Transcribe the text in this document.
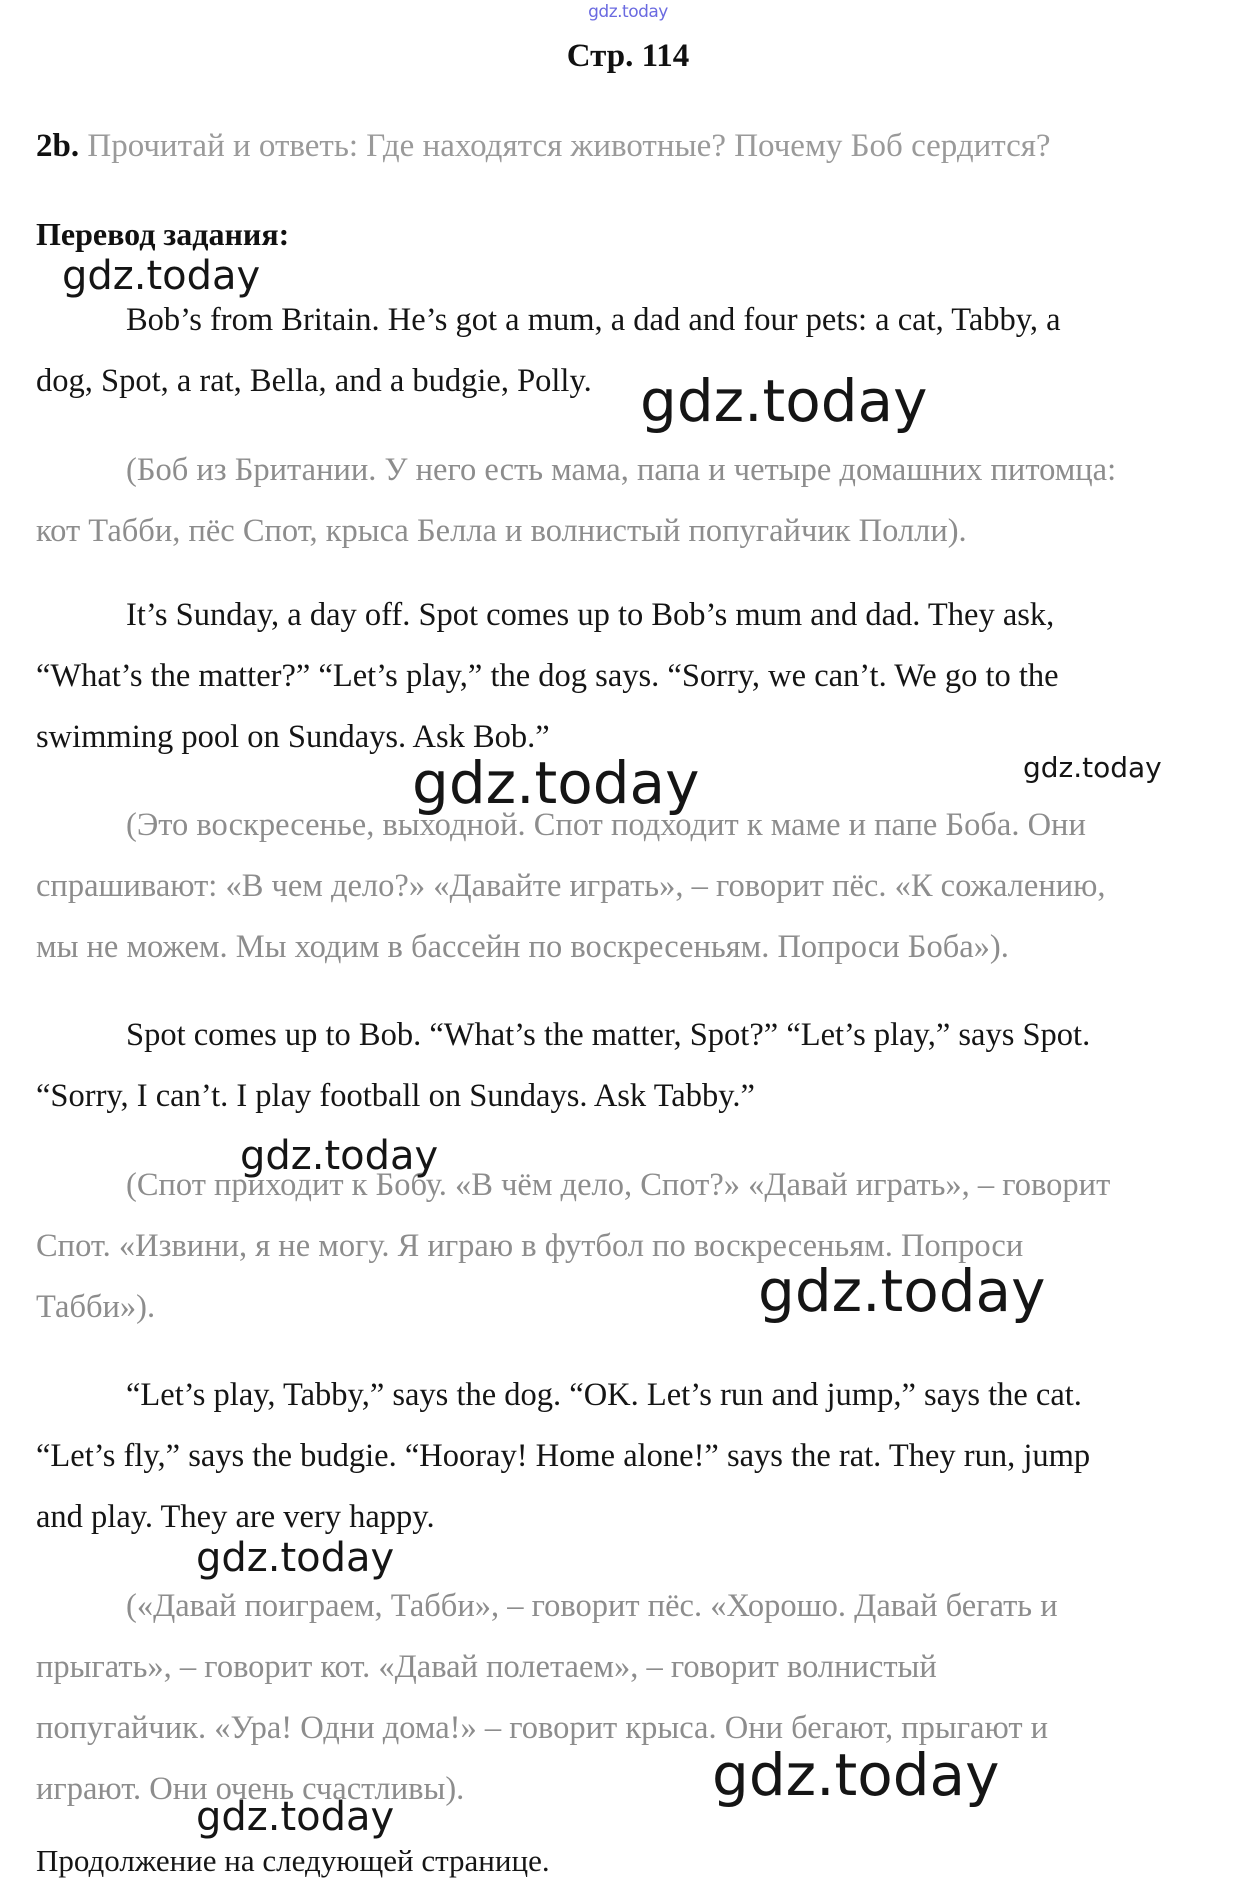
gdz.today
Стр. 114
2b. Прочитай и ответь: Где находятся животные? Почему Боб сердится?
Перевод задания:
Bob’s from Britain. He’s got a mum, a dad and four pets: a cat, Tabby, a
dog, Spot, a rat, Bella, and a budgie, Polly.
(Боб из Британии. У него есть мама, папа и четыре домашних питомца:
кот Табби, пёс Спот, крыса Белла и волнистый попугайчик Полли).
It’s Sunday, a day off. Spot comes up to Bob’s mum and dad. They ask,
“What’s the matter?” “Let’s play,” the dog says. “Sorry, we can’t. We go to the
swimming pool on Sundays. Ask Bob.”
(Это воскресенье, выходной. Спот подходит к маме и папе Боба. Они
спрашивают: «В чем дело?» «Давайте играть», – говорит пёс. «К сожалению,
мы не можем. Мы ходим в бассейн по воскресеньям. Попроси Боба»).
Spot comes up to Bob. “What’s the matter, Spot?” “Let’s play,” says Spot.
“Sorry, I can’t. I play football on Sundays. Ask Tabby.”
(Спот приходит к Бобу. «В чём дело, Спот?» «Давай играть», – говорит
Спот. «Извини, я не могу. Я играю в футбол по воскресеньям. Попроси
Табби»).
“Let’s play, Tabby,” says the dog. “OK. Let’s run and jump,” says the cat.
“Let’s fly,” says the budgie. “Hooray! Home alone!” says the rat. They run, jump
and play. They are very happy.
(«Давай поиграем, Табби», – говорит пёс. «Хорошо. Давай бегать и
прыгать», – говорит кот. «Давай полетаем», – говорит волнистый
попугайчик. «Ура! Одни дома!» – говорит крыса. Они бегают, прыгают и
играют. Они очень счастливы).
Продолжение на следующей странице.
gdz.today
gdz.today
gdz.today	gdz.today
gdz.today
gdz.today
gdz.today
gdz.today
gdz.today
